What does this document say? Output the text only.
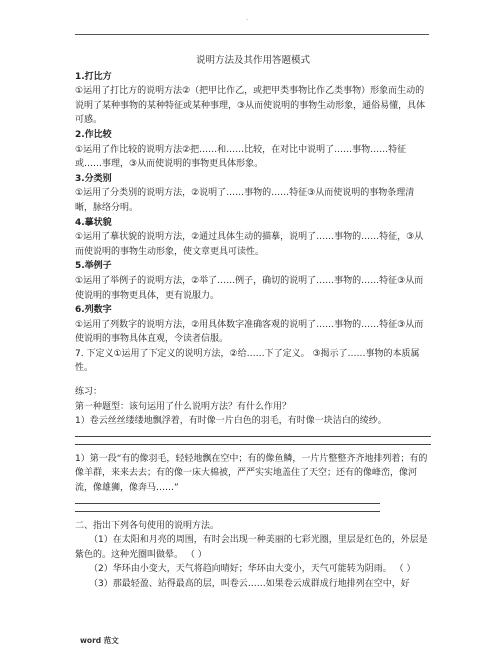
.
说明方法及其作用答题模式
1.打比方

①运用了打比方的说明方法②（把甲比作乙，或把甲类事物比作乙类事物）形象而生动的说明了某种事物的某种特征或某种事理，③从而使说明的事物生动形象，通俗易懂，具体可感。

2.作比较

①运用了作比较的说明方法②把……和……比较，在对比中说明了……事物……特征或……事理，③从而使说明的事物更具体形象。

3.分类别

①运用了分类别的说明方法，②说明了……事物的……特征③从而使说明的事物条理清晰，脉络分明。

4.摹状貌

①运用了摹状貌的说明方法，②通过具体生动的描摹，说明了……事物的……特征，③从而使说明的事物生动形象，使文章更具可读性。

5.举例子

①运用了举例子的说明方法，②举了……例子，确切的说明了……事物的……特征③从而使说明的事物更具体，更有说服力。

6.列数字

①运用了列数字的说明方法，②用具体数字准确客观的说明了……事物的……特征③从而使说明的事物具体直观，令读者信服。

7. 下定义①运用了下定义的说明方法，②给……下了定义。 ③揭示了……事物的本质属性。

练习：

第一种题型：该句运用了什么说明方法？有什么作用？

1）卷云丝丝缕缕地飘浮着，有时像一片白色的羽毛，有时像一块洁白的绫纱。

1）第一段“有的像羽毛，轻轻地飘在空中；有的像鱼鳞，一片片整整齐齐地排列着；有的像羊群，来来去去；有的像一床大棉被，严严实实地盖住了天空；还有的像峰峦，像河流，像雄狮，像奔马……”

二、指出下列各句使用的说明方法。

（1）在太阳和月亮的周围，有时会出现一种美丽的七彩光圈，里层是红色的，外层是紫色的。这种光圈叫做晕。 （ ）

（2）华环由小变大，天气将趋向晴好；华环由大变小，天气可能转为阴雨。 （ ）

（3）那最轻盈、站得最高的层，叫卷云……如果卷云成群成行地排列在空中，好

word 范文
